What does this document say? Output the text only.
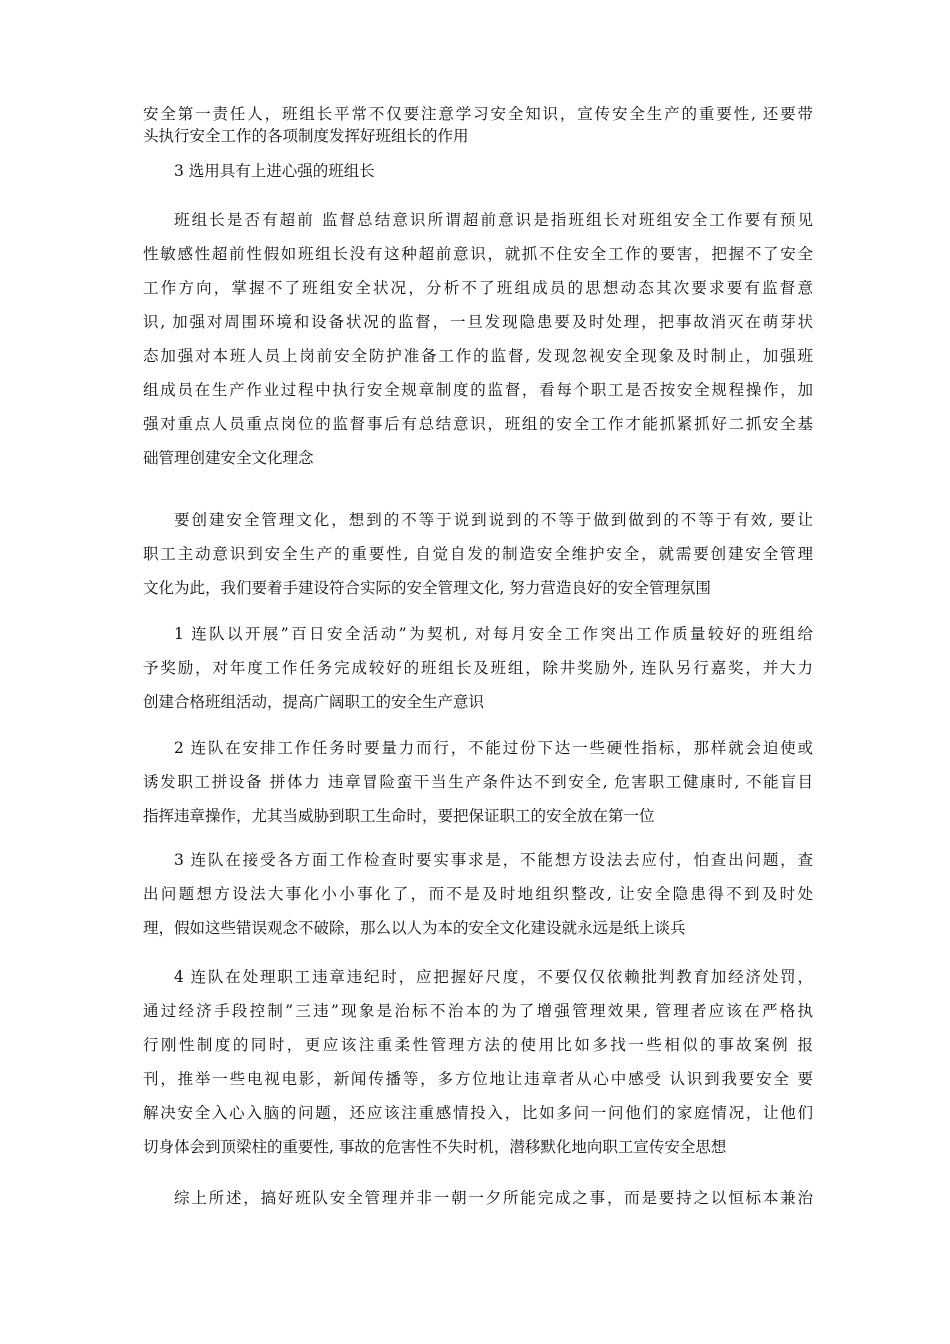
安全第一责任人，班组长平常不仅要注意学习安全知识，宣传安全生产的重要性, 还要带
头执行安全工作的各项制度发挥好班组长的作用
3 选用具有上进心强的班组长
班组长是否有超前 监督总结意识所谓超前意识是指班组长对班组安全工作要有预见
性敏感性超前性假如班组长没有这种超前意识，就抓不住安全工作的要害，把握不了安全
工作方向，掌握不了班组安全状况，分析不了班组成员的思想动态其次要求要有监督意
识, 加强对周围环境和设备状况的监督，一旦发现隐患要及时处理，把事故消灭在萌芽状
态加强对本班人员上岗前安全防护准备工作的监督, 发现忽视安全现象及时制止，加强班
组成员在生产作业过程中执行安全规章制度的监督，看每个职工是否按安全规程操作，加
强对重点人员重点岗位的监督事后有总结意识，班组的安全工作才能抓紧抓好二抓安全基
础管理创建安全文化理念
要创建安全管理文化，想到的不等于说到说到的不等于做到做到的不等于有效, 要让
职工主动意识到安全生产的重要性, 自觉自发的制造安全维护安全，就需要创建安全管理
文化为此，我们要着手建设符合实际的安全管理文化, 努力营造良好的安全管理氛围
1 连队以开展”百日安全活动”为契机, 对每月安全工作突出工作质量较好的班组给
予奖励，对年度工作任务完成较好的班组长及班组，除井奖励外, 连队另行嘉奖，并大力
创建合格班组活动，提高广阔职工的安全生产意识
2 连队在安排工作任务时要量力而行，不能过份下达一些硬性指标，那样就会迫使或
诱发职工拼设备 拼体力 违章冒险蛮干当生产条件达不到安全, 危害职工健康时, 不能盲目
指挥违章操作，尤其当威胁到职工生命时，要把保证职工的安全放在第一位
3 连队在接受各方面工作检查时要实事求是，不能想方设法去应付，怕查出问题，查
出问题想方设法大事化小小事化了，而不是及时地组织整改, 让安全隐患得不到及时处
理，假如这些错误观念不破除，那么以人为本的安全文化建设就永远是纸上谈兵
4 连队在处理职工违章违纪时，应把握好尺度，不要仅仅依赖批判教育加经济处罚，
通过经济手段控制”三违”现象是治标不治本的为了增强管理效果, 管理者应该在严格执
行刚性制度的同时，更应该注重柔性管理方法的使用比如多找一些相似的事故案例 报
刊，推举一些电视电影，新闻传播等，多方位地让违章者从心中感受 认识到我要安全 要
解决安全入心入脑的问题，还应该注重感情投入，比如多问一问他们的家庭情况，让他们
切身体会到顶梁柱的重要性, 事故的危害性不失时机，潜移默化地向职工宣传安全思想
综上所述，搞好班队安全管理并非一朝一夕所能完成之事，而是要持之以恒标本兼治
